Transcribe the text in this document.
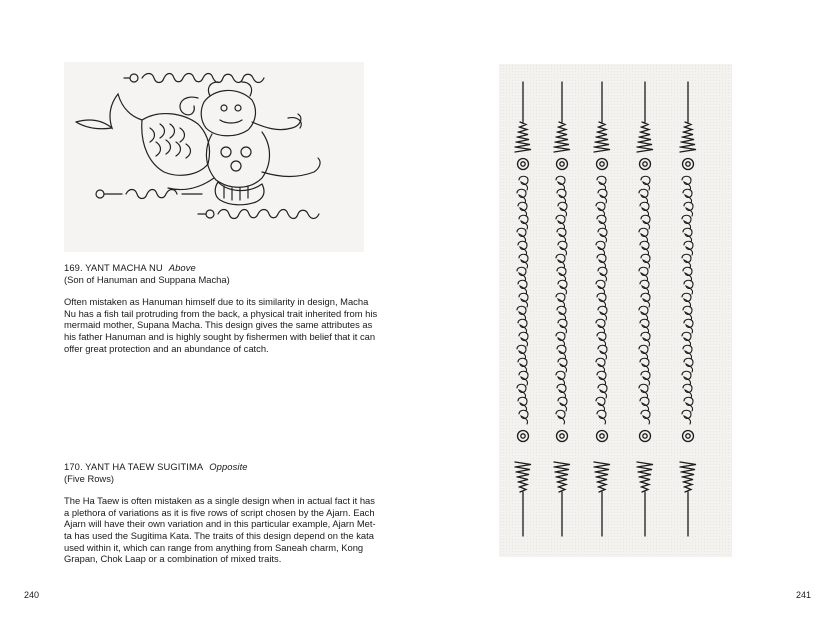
169. YANT MACHA NU Above
(Son of Hanuman and Suppana Macha)
Often mistaken as Hanuman himself due to its similarity in design, Macha Nu has a fish tail protruding from the back, a physical trait inherited from his mermaid mother, Supana Macha. This design gives the same attributes as his father Hanuman and is highly sought by fishermen with belief that it can offer great protection and an abundance of catch.
170. YANT HA TAEW SUGITIMA Opposite
(Five Rows)
The Ha Taew is often mistaken as a single design when in actual fact it has a plethora of variations as it is five rows of script chosen by the Ajarn. Each Ajarn will have their own variation and in this particular example, Ajarn Met-ta has used the Sugitima Kata. The traits of this design depend on the kata used within it, which can range from anything from Saneah charm, Kong Grapan, Chok Laap or a combination of mixed traits.
240	241
